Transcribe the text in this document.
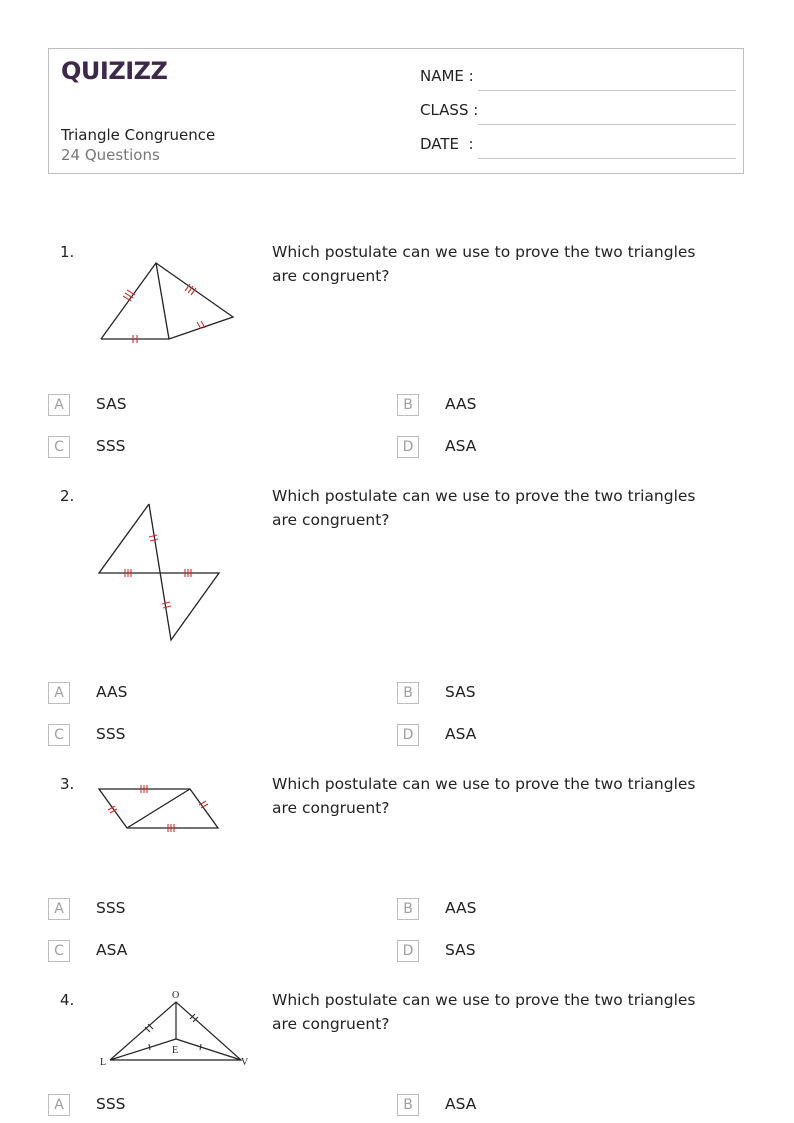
QUIZIZZ
Triangle Congruence
24 Questions
NAME :
CLASS :
DATE  :
1.	Which postulate can we use to prove the two triangles are congruent?
A	SAS	B	AAS
C	SSS	D	ASA
2.	Which postulate can we use to prove the two triangles are congruent?
A	AAS	B	SAS
C	SSS	D	ASA
3.	Which postulate can we use to prove the two triangles are congruent?
A	SSS	B	AAS
C	ASA	D	SAS
4.	Which postulate can we use to prove the two triangles are congruent?
O
L
E
V
A	SSS	B	ASA
